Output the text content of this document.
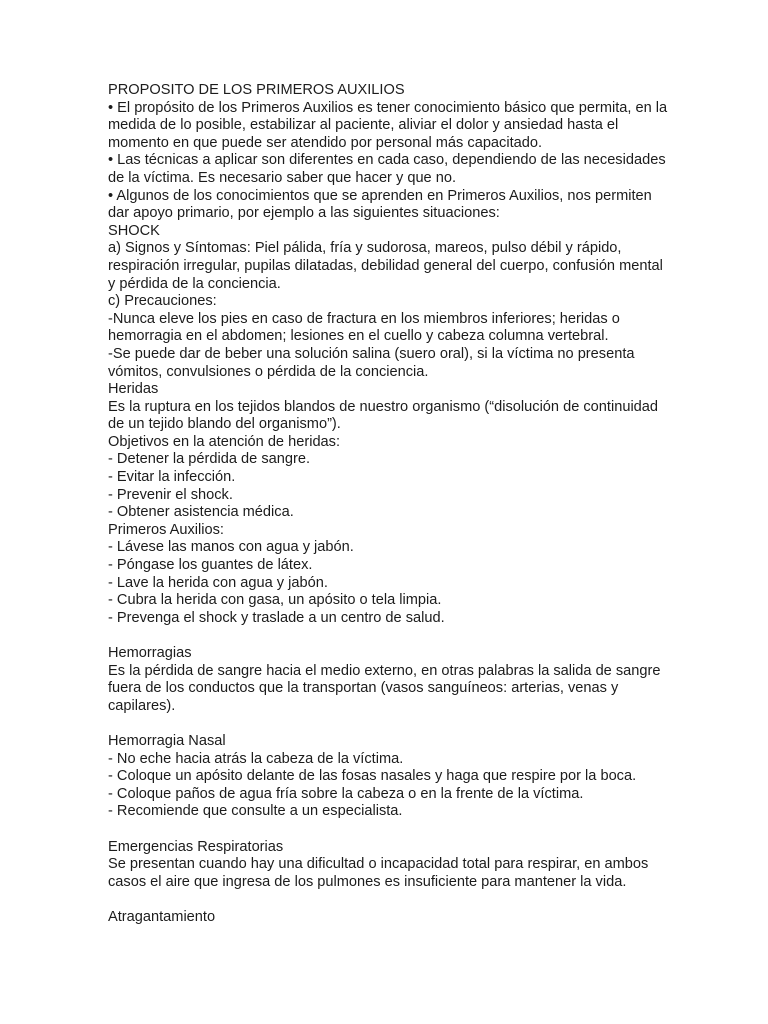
PROPOSITO DE LOS PRIMEROS AUXILIOS
• El propósito de los Primeros Auxilios es tener conocimiento básico que permita, en la
medida de lo posible, estabilizar al paciente, aliviar el dolor y ansiedad hasta el
momento en que puede ser atendido por personal más capacitado.
• Las técnicas a aplicar son diferentes en cada caso, dependiendo de las necesidades
de la víctima. Es necesario saber que hacer y que no.
• Algunos de los conocimientos que se aprenden en Primeros Auxilios, nos permiten
dar apoyo primario, por ejemplo a las siguientes situaciones:
SHOCK
a) Signos y Síntomas: Piel pálida, fría y sudorosa, mareos, pulso débil y rápido,
respiración irregular, pupilas dilatadas, debilidad general del cuerpo, confusión mental
y pérdida de la conciencia.
c) Precauciones:
-Nunca eleve los pies en caso de fractura en los miembros inferiores; heridas o
hemorragia en el abdomen; lesiones en el cuello y cabeza columna vertebral.
-Se puede dar de beber una solución salina (suero oral), si la víctima no presenta
vómitos, convulsiones o pérdida de la conciencia.
Heridas
Es la ruptura en los tejidos blandos de nuestro organismo (“disolución de continuidad
de un tejido blando del organismo”).
Objetivos en la atención de heridas:
- Detener la pérdida de sangre.
- Evitar la infección.
- Prevenir el shock.
- Obtener asistencia médica.
Primeros Auxilios:
- Lávese las manos con agua y jabón.
- Póngase los guantes de látex.
- Lave la herida con agua y jabón.
- Cubra la herida con gasa, un apósito o tela limpia.
- Prevenga el shock y traslade a un centro de salud.
Hemorragias
Es la pérdida de sangre hacia el medio externo, en otras palabras la salida de sangre
fuera de los conductos que la transportan (vasos sanguíneos: arterias, venas y
capilares).
Hemorragia Nasal
- No eche hacia atrás la cabeza de la víctima.
- Coloque un apósito delante de las fosas nasales y haga que respire por la boca.
- Coloque paños de agua fría sobre la cabeza o en la frente de la víctima.
- Recomiende que consulte a un especialista.
Emergencias Respiratorias
Se presentan cuando hay una dificultad o incapacidad total para respirar, en ambos
casos el aire que ingresa de los pulmones es insuficiente para mantener la vida.
Atragantamiento
